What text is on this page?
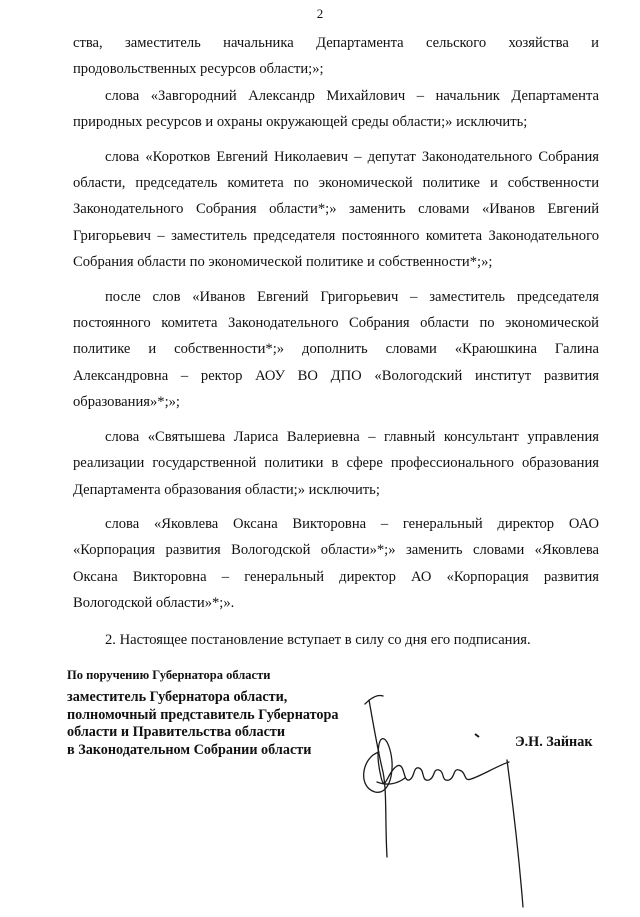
2

ства, заместитель начальника Департамента сельского хозяйства и продовольственных ресурсов области;»;

слова «Завгородний Александр Михайлович – начальник Департамента природных ресурсов и охраны окружающей среды области;» исключить;

слова «Коротков Евгений Николаевич – депутат Законодательного Собрания области, председатель комитета по экономической политике и собственности Законодательного Собрания области*;» заменить словами «Иванов Евгений Григорьевич – заместитель председателя постоянного комитета Законодательного Собрания области по экономической политике и собственности*;»;

после слов «Иванов Евгений Григорьевич – заместитель председателя постоянного комитета Законодательного Собрания области по экономической политике и собственности*;» дополнить словами «Краюшкина Галина Александровна – ректор АОУ ВО ДПО «Вологодский институт развития образования»*;»;

слова «Святышева Лариса Валериевна – главный консультант управления реализации государственной политики в сфере профессионального образования Департамента образования области;» исключить;

слова «Яковлева Оксана Викторовна – генеральный директор ОАО «Корпорация развития Вологодской области»*;» заменить словами «Яковлева Оксана Викторовна – генеральный директор АО «Корпорация развития Вологодской области»*;».

2. Настоящее постановление вступает в силу со дня его подписания.

По поручению Губернатора области
заместитель Губернатора области,
полномочный представитель Губернатора
области и Правительства области
в Законодательном Собрании области	Э.Н. Зайнак
